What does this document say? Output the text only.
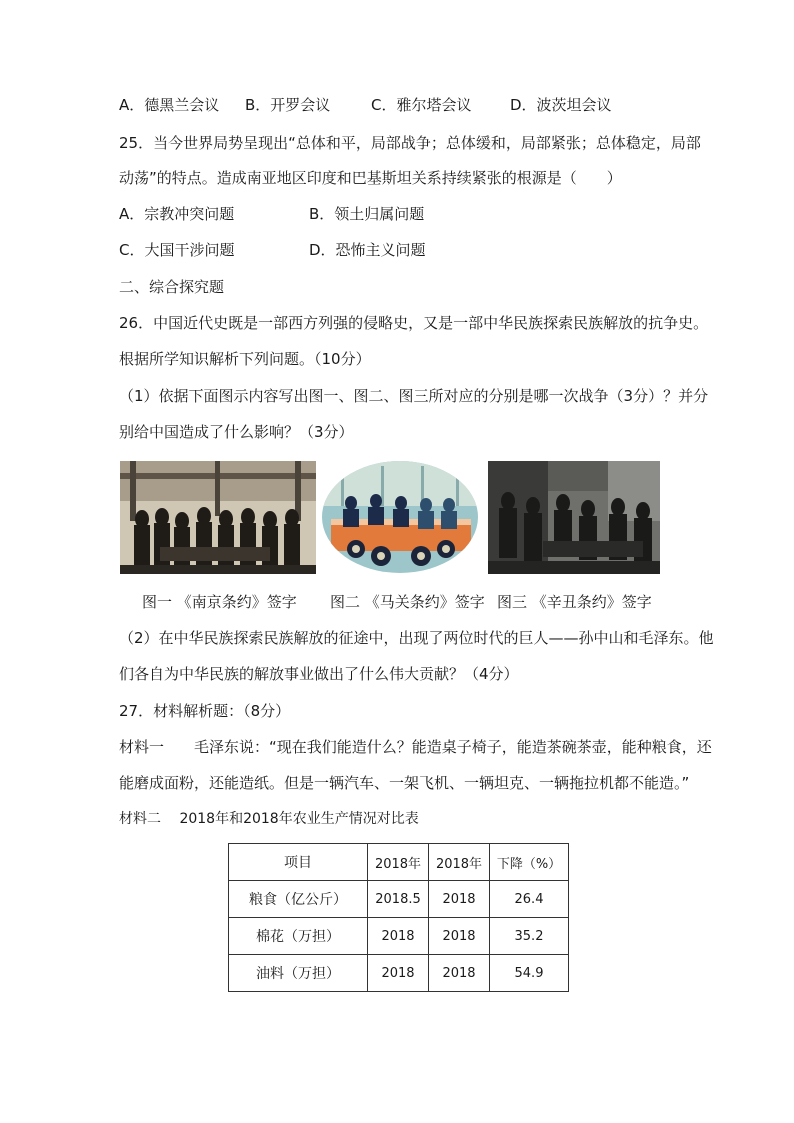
A．德黑兰会议 B．开罗会议	C．雅尔塔会议	D．波茨坦会议
25．当今世界局势呈现出“总体和平，局部战争；总体缓和，局部紧张；总体稳定，局部
动荡”的特点。造成南亚地区印度和巴基斯坦关系持续紧张的根源是（　　）
A．宗教冲突问题	B．领土归属问题
C．大国干涉问题	D．恐怖主义问题
二、综合探究题
26．中国近代史既是一部西方列强的侵略史，又是一部中华民族探索民族解放的抗争史。
根据所学知识解析下列问题。（10分）
（1）依据下面图示内容写出图一、图二、图三所对应的分别是哪一次战争（3分）？并分
别给中国造成了什么影响？（3分）
图一 《南京条约》签字 图二 《马关条约》签字 图三 《辛丑条约》签字
（2）在中华民族探索民族解放的征途中，出现了两位时代的巨人——孙中山和毛泽东。他
们各自为中华民族的解放事业做出了什么伟大贡献？（4分）
27．材料解析题：（8分）
材料一　　毛泽东说：“现在我们能造什么？能造桌子椅子，能造茶碗茶壶，能种粮食，还
能磨成面粉，还能造纸。但是一辆汽车、一架飞机、一辆坦克、一辆拖拉机都不能造。”
材料二　 2018年和2018年农业生产情况对比表
项目	2018年	2018年	下降（%）
粮食（亿公斤）	2018.5	2018	26.4
棉花（万担）	2018	2018	35.2
油料（万担）	2018	2018	54.9
